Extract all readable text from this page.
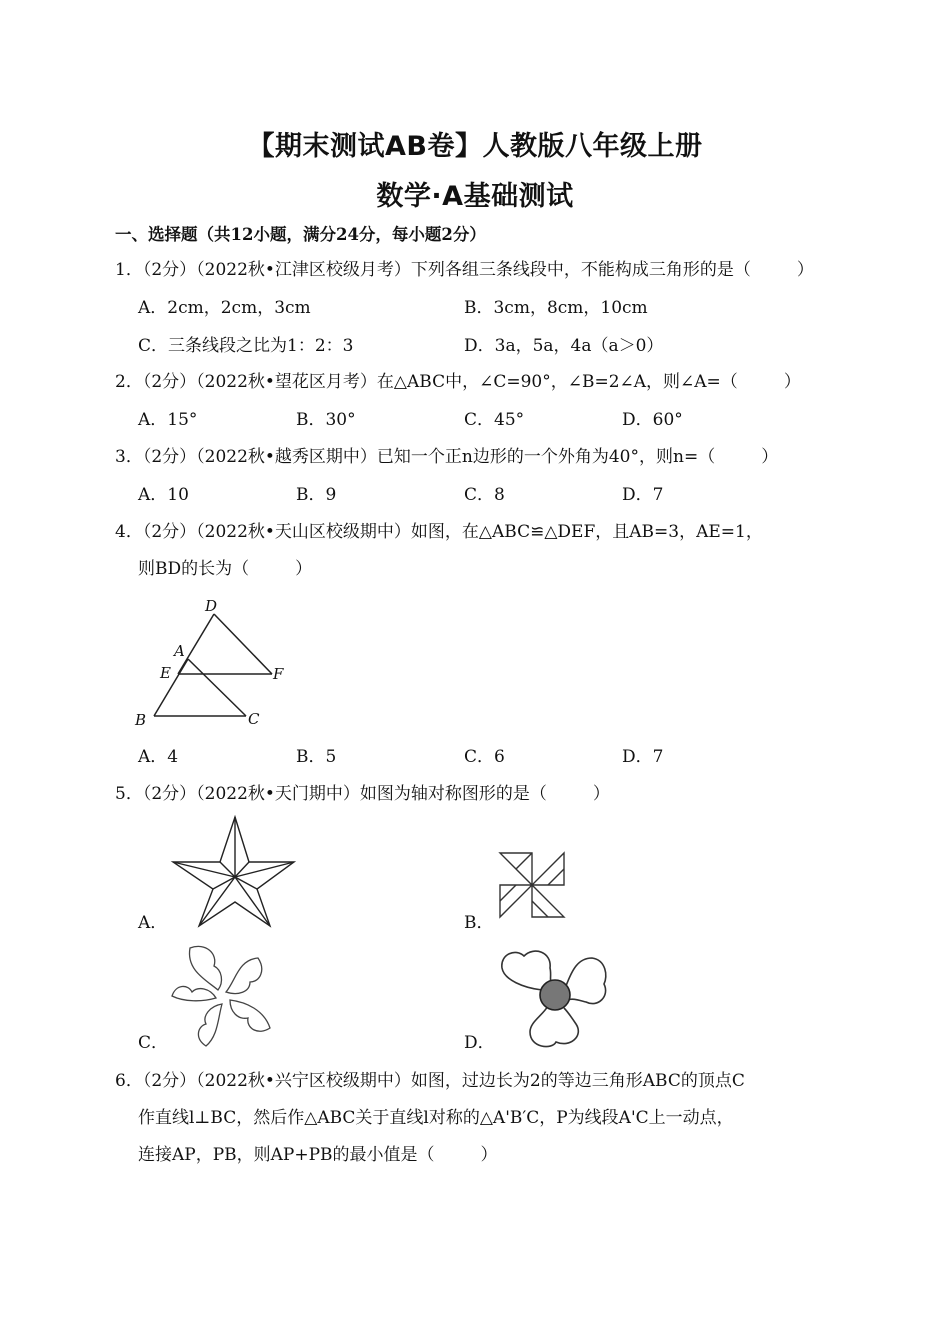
【期末测试AB卷】人教版八年级上册
数学·A基础测试
一、选择题（共12小题，满分24分，每小题2分）
1．（2分）（2022秋•江津区校级月考）下列各组三条线段中，不能构成三角形的是（	）
A．2cm，2cm，3cm	B．3cm，8cm，10cm
C．三条线段之比为1：2：3	D．3a，5a，4a（a＞0）
2．（2分）（2022秋•望花区月考）在△ABC中，∠C=90°，∠B=2∠A，则∠A=（	）
A．15°	B．30°	C．45°	D．60°
3．（2分）（2022秋•越秀区期中）已知一个正n边形的一个外角为40°，则n=（	）
A．10	B．9	C．8	D．7
4．（2分）（2022秋•天山区校级期中）如图，在△ABC≌△DEF，且AB=3，AE=1，
则BD的长为（	）
D
A
E	F
B	C
A．4	B．5	C．6	D．7
5．（2分）（2022秋•天门期中）如图为轴对称图形的是（	）
A．	B．
C．	D．
6．（2分）（2022秋•兴宁区校级期中）如图，过边长为2的等边三角形ABC的顶点C
作直线l⊥BC，然后作△ABC关于直线l对称的△A'B′C，P为线段A'C上一动点，
连接AP，PB，则AP+PB的最小值是（	）
